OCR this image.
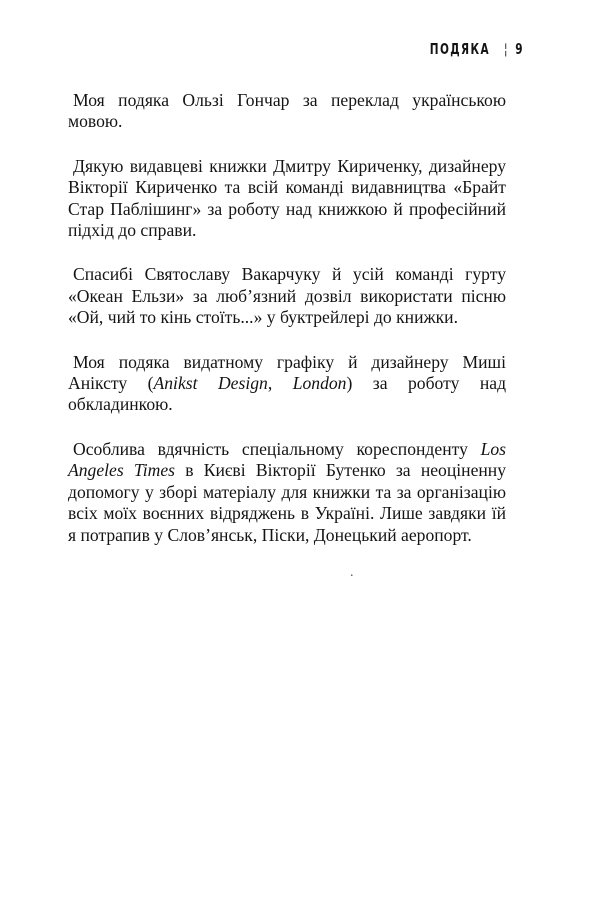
ПОДЯКА ¦ 9

Моя подяка Ользі Гончар за переклад українською мовою.

Дякую видавцеві книжки Дмитру Кириченку, дизайнеру Вікторії Кириченко та всій команді видавництва «Брайт Стар Паблішинг» за роботу над книжкою й професійний підхід до справи.

Спасибі Святославу Вакарчуку й усій команді гурту «Океан Ельзи» за люб’язний дозвіл використати пісню «Ой, чий то кінь стоїть...» у буктрейлері до книжки.

Моя подяка видатному графіку й дизайнеру Миші Аніксту (Anikst Design, London) за роботу над обкладинкою.

Особлива вдячність спеціальному кореспонденту Los Angeles Times в Києві Вікторії Бутенко за неоціненну допомогу у зборі матеріалу для книжки та за організацію всіх моїх воєнних відряджень в Україні. Лише завдяки їй я потрапив у Слов’янськ, Піски, Донецький аеропорт.

.
